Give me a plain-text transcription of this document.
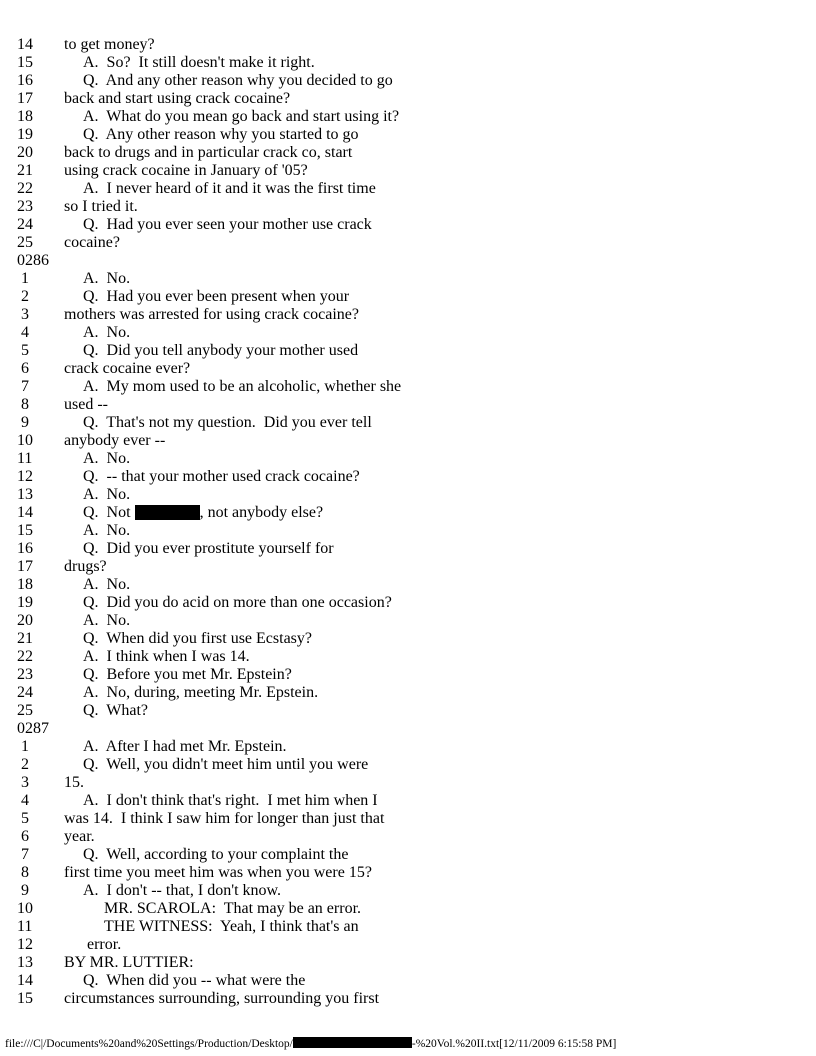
14 to get money?
15	A.  So?  It still doesn't make it right.
16	Q.  And any other reason why you decided to go
17 back and start using crack cocaine?
18	A.  What do you mean go back and start using it?
19	Q.  Any other reason why you started to go
20 back to drugs and in particular crack co, start
21 using crack cocaine in January of '05?
22	A.  I never heard of it and it was the first time
23 so I tried it.
24	Q.  Had you ever seen your mother use crack
25 cocaine?
0286
1	A.  No.
2	Q.  Had you ever been present when your
3 mothers was arrested for using crack cocaine?
4	A.  No.
5	Q.  Did you tell anybody your mother used
6 crack cocaine ever?
7	A.  My mom used to be an alcoholic, whether she
8 used --
9	Q.  That's not my question.  Did you ever tell
10 anybody ever --
11	A.  No.
12	Q.  -- that your mother used crack cocaine?
13	A.  No.
14	Q.  Not	, not anybody else?
15	A.  No.
16	Q.  Did you ever prostitute yourself for
17 drugs?
18	A.  No.
19	Q.  Did you do acid on more than one occasion?
20	A.  No.
21	Q.  When did you first use Ecstasy?
22	A.  I think when I was 14.
23	Q.  Before you met Mr. Epstein?
24	A.  No, during, meeting Mr. Epstein.
25	Q.  What?
0287
1	A.  After I had met Mr. Epstein.
2	Q.  Well, you didn't meet him until you were
3 15.
4	A.  I don't think that's right.  I met him when I
5 was 14.  I think I saw him for longer than just that
6 year.
7	Q.  Well, according to your complaint the
8 first time you meet him was when you were 15?
9	A.  I don't -- that, I don't know.
10	MR. SCAROLA:  That may be an error.
11	THE WITNESS:  Yeah, I think that's an
12	error.
13 BY MR. LUTTIER:
14	Q.  When did you -- what were the
15 circumstances surrounding, surrounding you first
file:///C|/Documents%20and%20Settings/Production/Desktop/	-%20Vol.%20II.txt[12/11/2009 6:15:58 PM]
